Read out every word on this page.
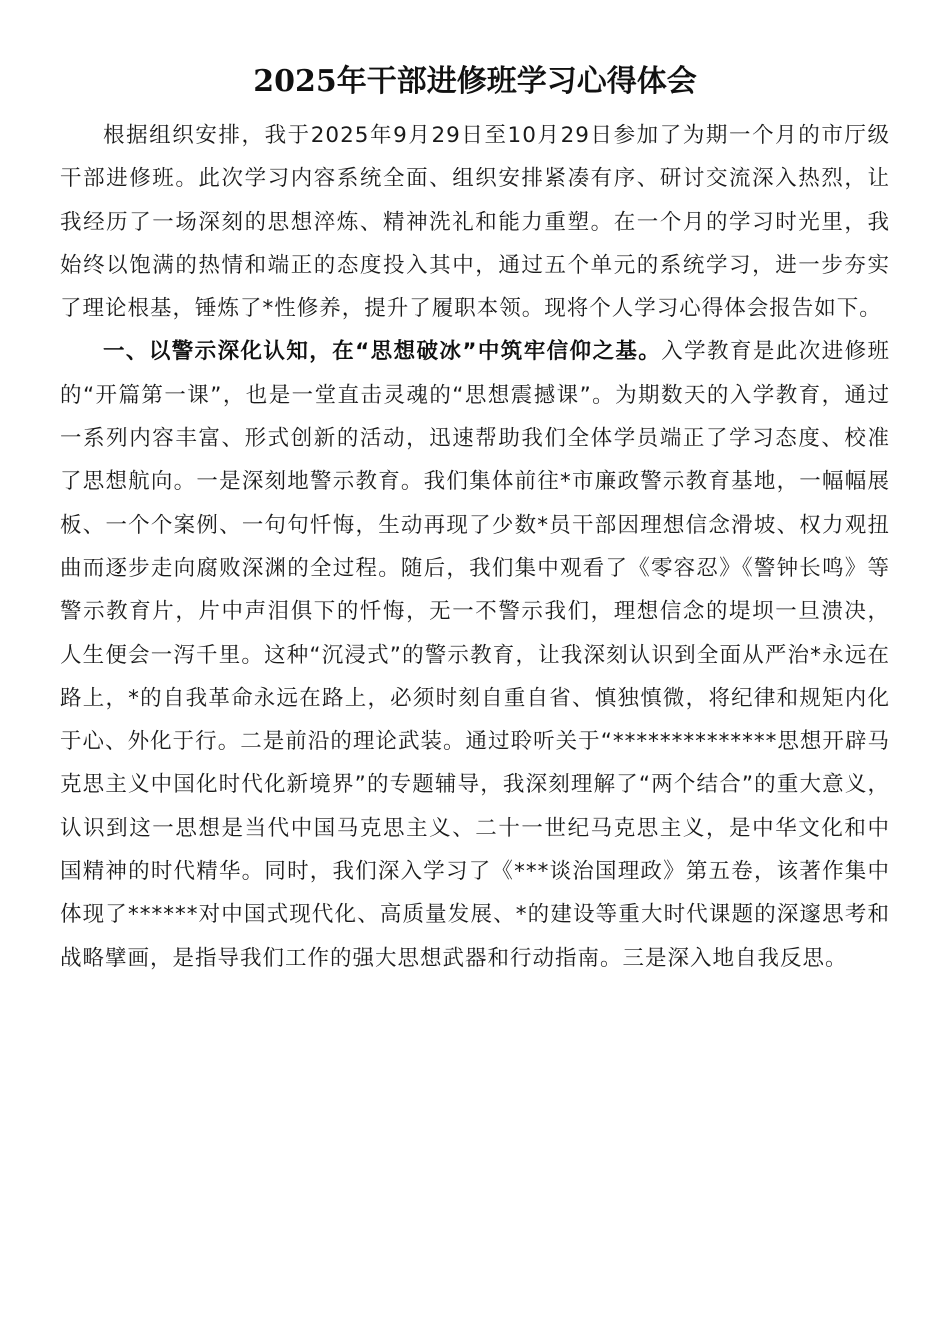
2025年干部进修班学习心得体会

根据组织安排，我于2025年9月29日至10月29日参加了为期一个月的市厅级干部进修班。此次学习内容系统全面、组织安排紧凑有序、研讨交流深入热烈，让我经历了一场深刻的思想淬炼、精神洗礼和能力重塑。在一个月的学习时光里，我始终以饱满的热情和端正的态度投入其中，通过五个单元的系统学习，进一步夯实了理论根基，锤炼了*性修养，提升了履职本领。现将个人学习心得体会报告如下。

一、以警示深化认知，在“思想破冰”中筑牢信仰之基。入学教育是此次进修班的“开篇第一课”，也是一堂直击灵魂的“思想震撼课”。为期数天的入学教育，通过一系列内容丰富、形式创新的活动，迅速帮助我们全体学员端正了学习态度、校准了思想航向。一是深刻地警示教育。我们集体前往*市廉政警示教育基地，一幅幅展板、一个个案例、一句句忏悔，生动再现了少数*员干部因理想信念滑坡、权力观扭曲而逐步走向腐败深渊的全过程。随后，我们集中观看了《零容忍》《警钟长鸣》等警示教育片，片中声泪俱下的忏悔，无一不警示我们，理想信念的堤坝一旦溃决，人生便会一泻千里。这种“沉浸式”的警示教育，让我深刻认识到全面从严治*永远在路上，*的自我革命永远在路上，必须时刻自重自省、慎独慎微，将纪律和规矩内化于心、外化于行。二是前沿的理论武装。通过聆听关于“**************思想开辟马克思主义中国化时代化新境界”的专题辅导，我深刻理解了“两个结合”的重大意义，认识到这一思想是当代中国马克思主义、二十一世纪马克思主义，是中华文化和中国精神的时代精华。同时，我们深入学习了《***谈治国理政》第五卷，该著作集中体现了******对中国式现代化、高质量发展、*的建设等重大时代课题的深邃思考和战略擘画，是指导我们工作的强大思想武器和行动指南。三是深入地自我反思。
